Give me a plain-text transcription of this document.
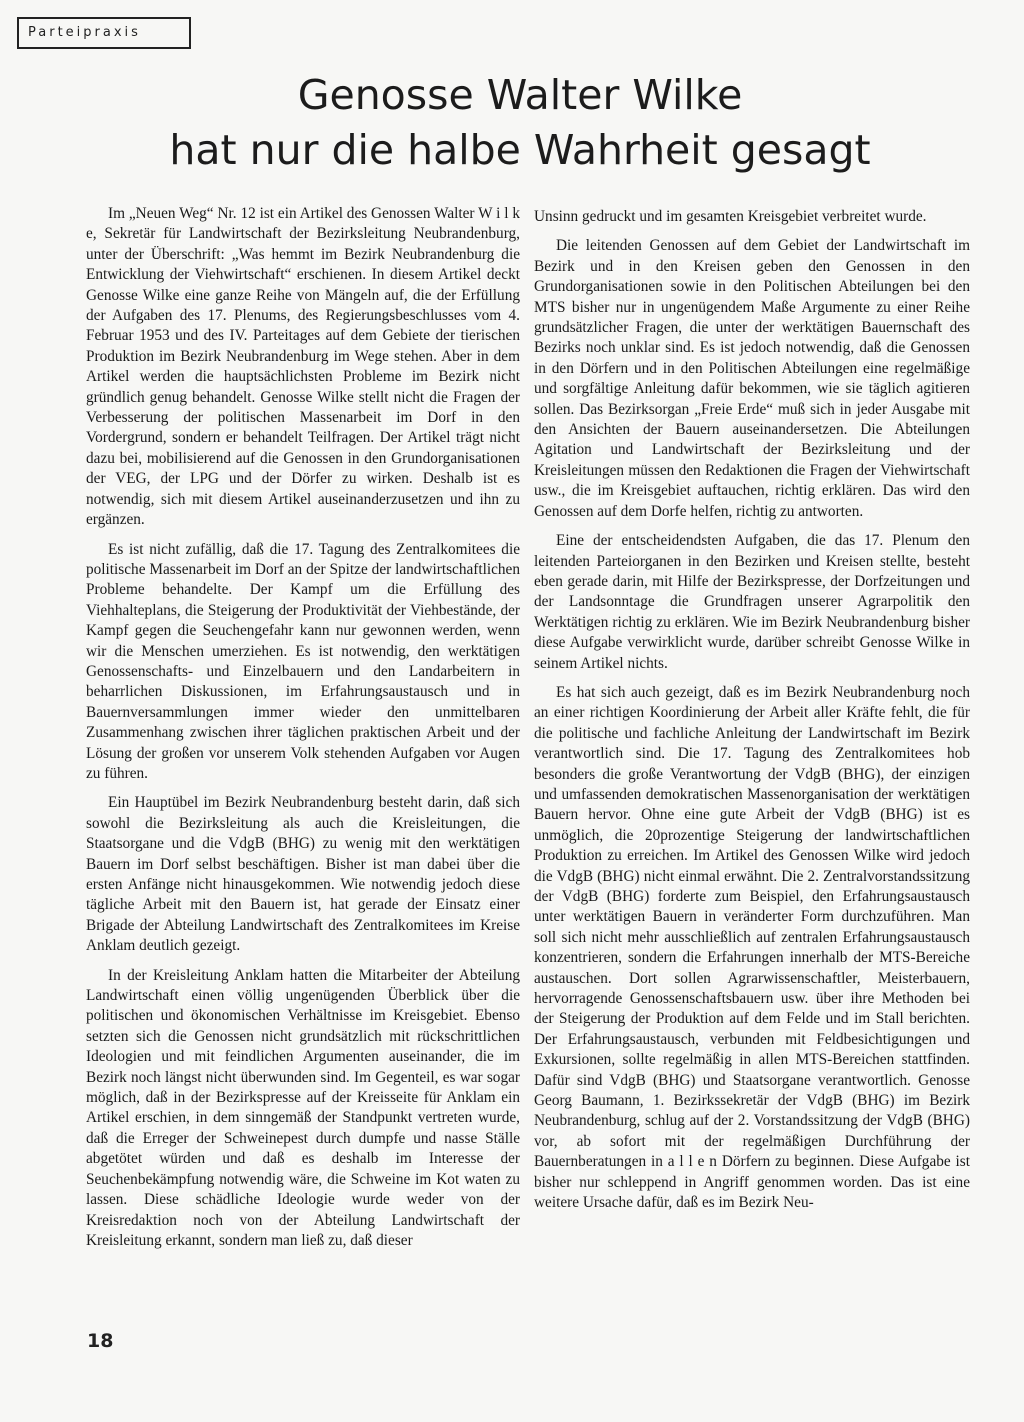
Parteipraxis
Genosse Walter Wilke
hat nur die halbe Wahrheit gesagt

Im „Neuen Weg“ Nr. 12 ist ein Artikel des Genossen Walter W i l k e, Sekretär für Landwirtschaft der Bezirksleitung Neubrandenburg, unter der Überschrift: „Was hemmt im Bezirk Neubrandenburg die Entwicklung der Viehwirtschaft“ erschienen. In diesem Artikel deckt Genosse Wilke eine ganze Reihe von Mängeln auf, die der Erfüllung der Aufgaben des 17. Plenums, des Regierungsbeschlusses vom 4. Februar 1953 und des IV. Parteitages auf dem Gebiete der tierischen Produktion im Bezirk Neubrandenburg im Wege stehen. Aber in dem Artikel werden die hauptsächlichsten Probleme im Bezirk nicht gründlich genug behandelt. Genosse Wilke stellt nicht die Fragen der Verbesserung der politischen Massenarbeit im Dorf in den Vordergrund, sondern er behandelt Teilfragen. Der Artikel trägt nicht dazu bei, mobilisierend auf die Genossen in den Grundorganisationen der VEG, der LPG und der Dörfer zu wirken. Deshalb ist es notwendig, sich mit diesem Artikel auseinanderzusetzen und ihn zu ergänzen.

Es ist nicht zufällig, daß die 17. Tagung des Zentralkomitees die politische Massenarbeit im Dorf an der Spitze der landwirtschaftlichen Probleme behandelte. Der Kampf um die Erfüllung des Viehhalteplans, die Steigerung der Produktivität der Viehbestände, der Kampf gegen die Seuchengefahr kann nur gewonnen werden, wenn wir die Menschen umerziehen. Es ist notwendig, den werktätigen Genossenschafts- und Einzelbauern und den Landarbeitern in beharrlichen Diskussionen, im Erfahrungsaustausch und in Bauernversammlungen immer wieder den unmittelbaren Zusammenhang zwischen ihrer täglichen praktischen Arbeit und der Lösung der großen vor unserem Volk stehenden Aufgaben vor Augen zu führen.

Ein Hauptübel im Bezirk Neubrandenburg besteht darin, daß sich sowohl die Bezirksleitung als auch die Kreisleitungen, die Staatsorgane und die VdgB (BHG) zu wenig mit den werktätigen Bauern im Dorf selbst beschäftigen. Bisher ist man dabei über die ersten Anfänge nicht hinausgekommen. Wie notwendig jedoch diese tägliche Arbeit mit den Bauern ist, hat gerade der Einsatz einer Brigade der Abteilung Landwirtschaft des Zentralkomitees im Kreise Anklam deutlich gezeigt.

In der Kreisleitung Anklam hatten die Mitarbeiter der Abteilung Landwirtschaft einen völlig ungenügenden Überblick über die politischen und ökonomischen Verhältnisse im Kreisgebiet. Ebenso setzten sich die Genossen nicht grundsätzlich mit rückschrittlichen Ideologien und mit feindlichen Argumenten auseinander, die im Bezirk noch längst nicht überwunden sind. Im Gegenteil, es war sogar möglich, daß in der Bezirkspresse auf der Kreisseite für Anklam ein Artikel erschien, in dem sinngemäß der Standpunkt vertreten wurde, daß die Erreger der Schweinepest durch dumpfe und nasse Ställe abgetötet würden und daß es deshalb im Interesse der Seuchenbekämpfung notwendig wäre, die Schweine im Kot waten zu lassen. Diese schädliche Ideologie wurde weder von der Kreisredaktion noch von der Abteilung Landwirtschaft der Kreisleitung erkannt, sondern man ließ zu, daß dieser

Unsinn gedruckt und im gesamten Kreisgebiet verbreitet wurde.

Die leitenden Genossen auf dem Gebiet der Landwirtschaft im Bezirk und in den Kreisen geben den Genossen in den Grundorganisationen sowie in den Politischen Abteilungen bei den MTS bisher nur in ungenügendem Maße Argumente zu einer Reihe grundsätzlicher Fragen, die unter der werktätigen Bauernschaft des Bezirks noch unklar sind. Es ist jedoch notwendig, daß die Genossen in den Dörfern und in den Politischen Abteilungen eine regelmäßige und sorgfältige Anleitung dafür bekommen, wie sie täglich agitieren sollen. Das Bezirksorgan „Freie Erde“ muß sich in jeder Ausgabe mit den Ansichten der Bauern auseinandersetzen. Die Abteilungen Agitation und Landwirtschaft der Bezirksleitung und der Kreisleitungen müssen den Redaktionen die Fragen der Viehwirtschaft usw., die im Kreisgebiet auftauchen, richtig erklären. Das wird den Genossen auf dem Dorfe helfen, richtig zu antworten.

Eine der entscheidendsten Aufgaben, die das 17. Plenum den leitenden Parteiorganen in den Bezirken und Kreisen stellte, besteht eben gerade darin, mit Hilfe der Bezirkspresse, der Dorfzeitungen und der Landsonntage die Grundfragen unserer Agrarpolitik den Werktätigen richtig zu erklären. Wie im Bezirk Neubrandenburg bisher diese Aufgabe verwirklicht wurde, darüber schreibt Genosse Wilke in seinem Artikel nichts.

Es hat sich auch gezeigt, daß es im Bezirk Neubrandenburg noch an einer richtigen Koordinierung der Arbeit aller Kräfte fehlt, die für die politische und fachliche Anleitung der Landwirtschaft im Bezirk verantwortlich sind. Die 17. Tagung des Zentralkomitees hob besonders die große Verantwortung der VdgB (BHG), der einzigen und umfassenden demokratischen Massenorganisation der werktätigen Bauern hervor. Ohne eine gute Arbeit der VdgB (BHG) ist es unmöglich, die 20prozentige Steigerung der landwirtschaftlichen Produktion zu erreichen. Im Artikel des Genossen Wilke wird jedoch die VdgB (BHG) nicht einmal erwähnt. Die 2. Zentralvorstandssitzung der VdgB (BHG) forderte zum Beispiel, den Erfahrungsaustausch unter werktätigen Bauern in veränderter Form durchzuführen. Man soll sich nicht mehr ausschließlich auf zentralen Erfahrungsaustausch konzentrieren, sondern die Erfahrungen innerhalb der MTS-Bereiche austauschen. Dort sollen Agrarwissenschaftler, Meisterbauern, hervorragende Genossenschaftsbauern usw. über ihre Methoden bei der Steigerung der Produktion auf dem Felde und im Stall berichten. Der Erfahrungsaustausch, verbunden mit Feldbesichtigungen und Exkursionen, sollte regelmäßig in allen MTS-Bereichen stattfinden. Dafür sind VdgB (BHG) und Staatsorgane verantwortlich. Genosse Georg Baumann, 1. Bezirkssekretär der VdgB (BHG) im Bezirk Neubrandenburg, schlug auf der 2. Vorstandssitzung der VdgB (BHG) vor, ab sofort mit der regelmäßigen Durchführung der Bauernberatungen in a l l e n Dörfern zu beginnen. Diese Aufgabe ist bisher nur schleppend in Angriff genommen worden. Das ist eine weitere Ursache dafür, daß es im Bezirk Neu-

18
